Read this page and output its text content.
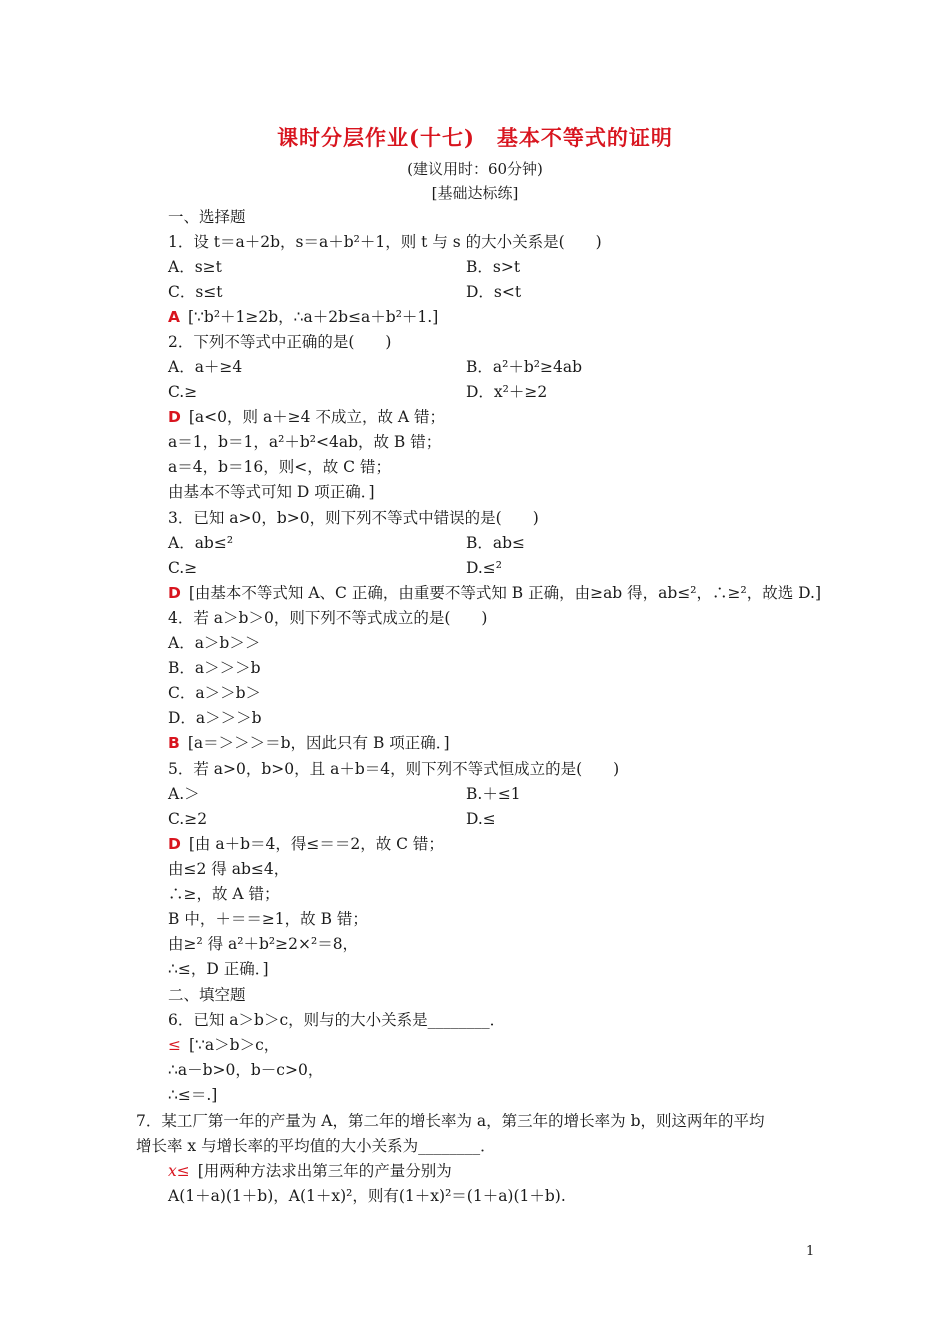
课时分层作业(十七)　基本不等式的证明
(建议用时：60分钟)
[基础达标练]
一、选择题
1．设 t＝a＋2b，s＝a＋b²＋1，则 t 与 s 的大小关系是(　　)
A．s≥t	B．s>t
C．s≤t	D．s<t
A [∵b²＋1≥2b，∴a＋2b≤a＋b²＋1.]
2．下列不等式中正确的是(　　)
A．a＋≥4	B．a²＋b²≥4ab
C.≥	D．x²＋≥2
D [a<0，则 a＋≥4 不成立，故 A 错；
a＝1，b＝1，a²＋b²<4ab，故 B 错；
a＝4，b＝16，则<，故 C 错；
由基本不等式可知 D 项正确．]
3．已知 a>0，b>0，则下列不等式中错误的是(　　)
A．ab≤²	B．ab≤
C.≥	D.≤²
D [由基本不等式知 A、C 正确，由重要不等式知 B 正确，由≥ab 得，ab≤²，∴≥²，故选 D.]
4．若 a＞b＞0，则下列不等式成立的是(　　)
A．a＞b＞＞
B．a＞＞＞b
C．a＞＞b＞
D．a＞＞＞b
B [a＝＞＞＞＝b，因此只有 B 项正确．]
5．若 a>0，b>0，且 a＋b＝4，则下列不等式恒成立的是(　　)
A.＞	B.＋≤1
C.≥2	D.≤
D [由 a＋b＝4，得≤＝＝2，故 C 错；
由≤2 得 ab≤4，
∴≥，故 A 错；
B 中，＋＝＝≥1，故 B 错；
由≥² 得 a²＋b²≥2×²＝8，
∴≤，D 正确．]
二、填空题
6．已知 a＞b＞c，则与的大小关系是________．
≤ [∵a＞b＞c，
∴a－b>0，b－c>0，
∴≤＝.]
7．某工厂第一年的产量为 A，第二年的增长率为 a，第三年的增长率为 b，则这两年的平均
增长率 x 与增长率的平均值的大小关系为________．
x≤ [用两种方法求出第三年的产量分别为
A(1＋a)(1＋b)，A(1＋x)²，则有(1＋x)²＝(1＋a)(1＋b).
1
